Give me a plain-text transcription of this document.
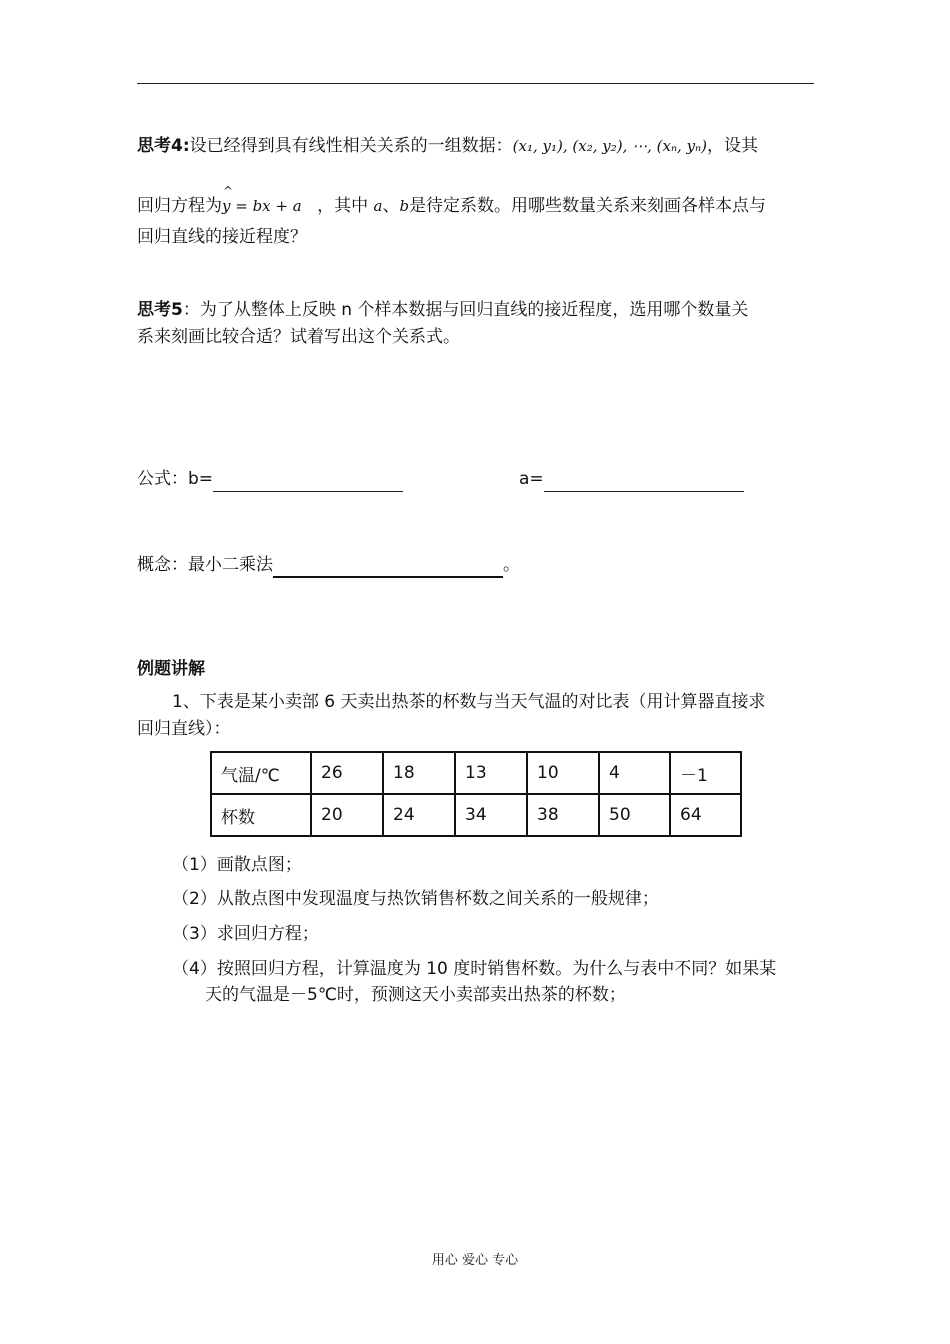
思考4:设已经得到具有线性相关关系的一组数据：(x₁, y₁), (x₂, y₂), ⋯, (xₙ, yₙ)，设其
回归方程为
^
y = bx + a ，其中 a、b是待定系数。用哪些数量关系来刻画各样本点与
回归直线的接近程度？
思考5：为了从整体上反映 n 个样本数据与回归直线的接近程度，选用哪个数量关
系来刻画比较合适？试着写出这个关系式。
公式：b=	a=
概念：最小二乘法	。
例题讲解
1、下表是某小卖部 6 天卖出热茶的杯数与当天气温的对比表（用计算器直接求
回归直线）：
气温/℃	26	18	13	10	4	－1
杯数	20	24	34	38	50	64
（1）画散点图；
（2）从散点图中发现温度与热饮销售杯数之间关系的一般规律；
（3）求回归方程；
（4）按照回归方程，计算温度为 10 度时销售杯数。为什么与表中不同？如果某
天的气温是－5℃时，预测这天小卖部卖出热茶的杯数；
用心 爱心 专心
